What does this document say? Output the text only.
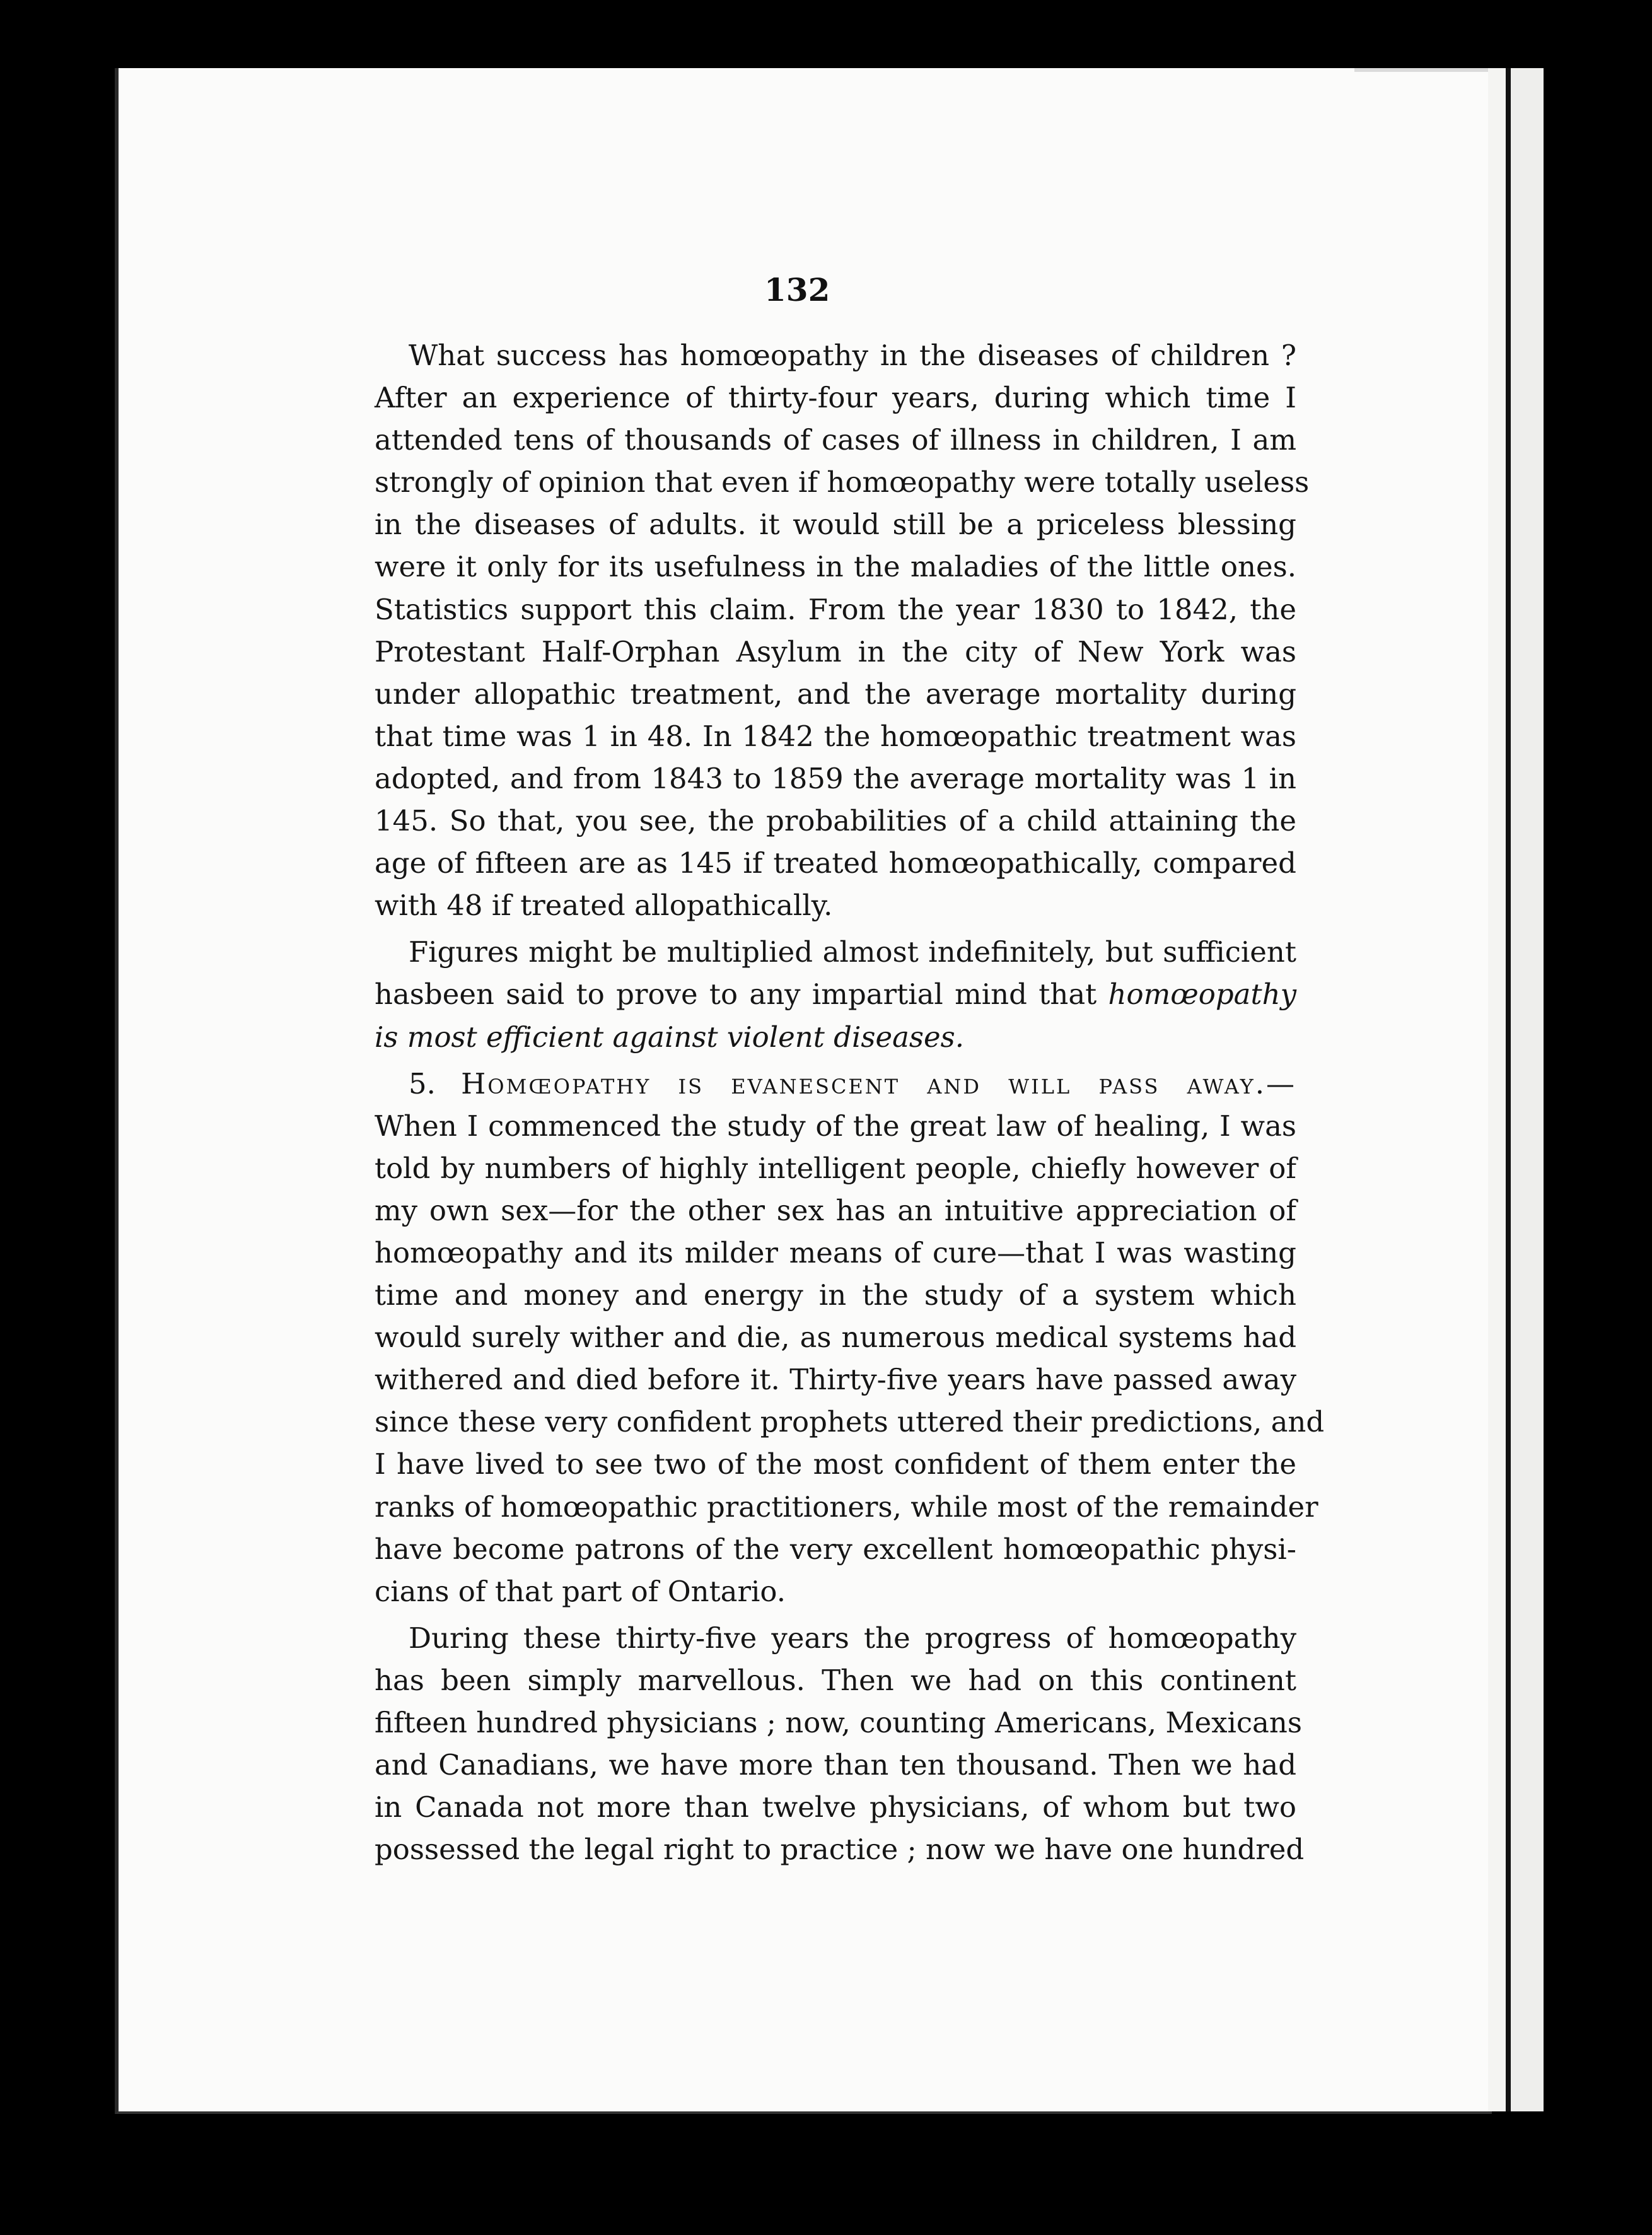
132

What success has homœopathy in the diseases of children ?
After an experience of thirty-four years, during which time I
attended tens of thousands of cases of illness in children, I am
strongly of opinion that even if homœopathy were totally useless
in the diseases of adults. it would still be a priceless blessing
were it only for its usefulness in the maladies of the little ones.
Statistics support this claim. From the year 1830 to 1842, the
Protestant Half-Orphan Asylum in the city of New York was
under allopathic treatment, and the average mortality during
that time was 1 in 48. In 1842 the homœopathic treatment was
adopted, and from 1843 to 1859 the average mortality was 1 in
145. So that, you see, the probabilities of a child attaining the
age of fifteen are as 145 if treated homœopathically, compared
with 48 if treated allopathically.
Figures might be multiplied almost indefinitely, but sufficient
hasbeen said to prove to any impartial mind that homœopathy
is most efficient against violent diseases.
5. Homœopathy is evanescent and will pass away.—
When I commenced the study of the great law of healing, I was
told by numbers of highly intelligent people, chiefly however of
my own sex—for the other sex has an intuitive appreciation of
homœopathy and its milder means of cure—that I was wasting
time and money and energy in the study of a system which
would surely wither and die, as numerous medical systems had
withered and died before it. Thirty-five years have passed away
since these very confident prophets uttered their predictions, and
I have lived to see two of the most confident of them enter the
ranks of homœopathic practitioners, while most of the remainder
have become patrons of the very excellent homœopathic physi-
cians of that part of Ontario.
During these thirty-five years the progress of homœopathy
has been simply marvellous. Then we had on this continent
fifteen hundred physicians ; now, counting Americans, Mexicans
and Canadians, we have more than ten thousand. Then we had
in Canada not more than twelve physicians, of whom but two
possessed the legal right to practice ; now we have one hundred
